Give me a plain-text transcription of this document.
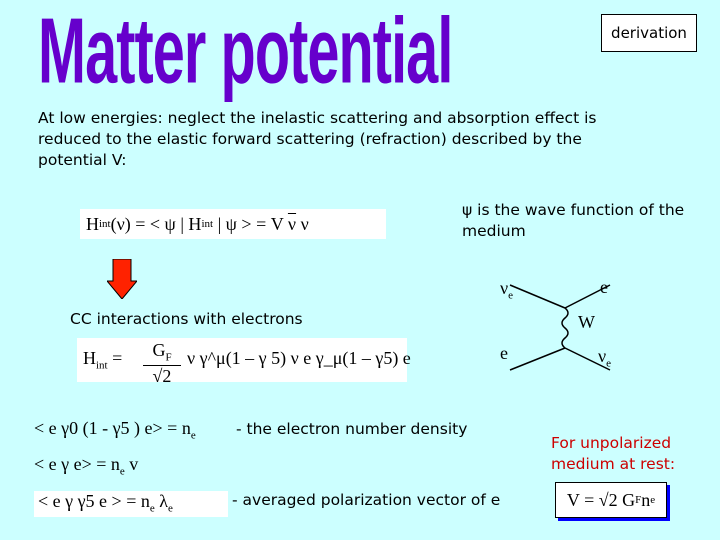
Matter potential	derivation
At low energies: neglect the inelastic scattering and absorption effect is reduced to the elastic forward scattering (refraction) described by the potential V:
H int (ν) = < ψ | H int | ψ > = V $\overline{\nu}$ ν
ψ is the wave function of the medium
CC interactions with electrons
$H_{int} = \frac{G_F}{√2}$ ν γ^μ(1 – γ 5) ν e γ_μ(1 – γ5) e
$\nu_e$	e
W
e	$\nu_e$
< e γ0 (1 - γ5 ) $e> = n_e$	- the electron number density
< e γ $e> = n_e$ v
< e γ γ5 e > = $n_e$ $\lambda_e$	- averaged polarization vector of e
For unpolarized medium at rest:
V = √2 G F n e
